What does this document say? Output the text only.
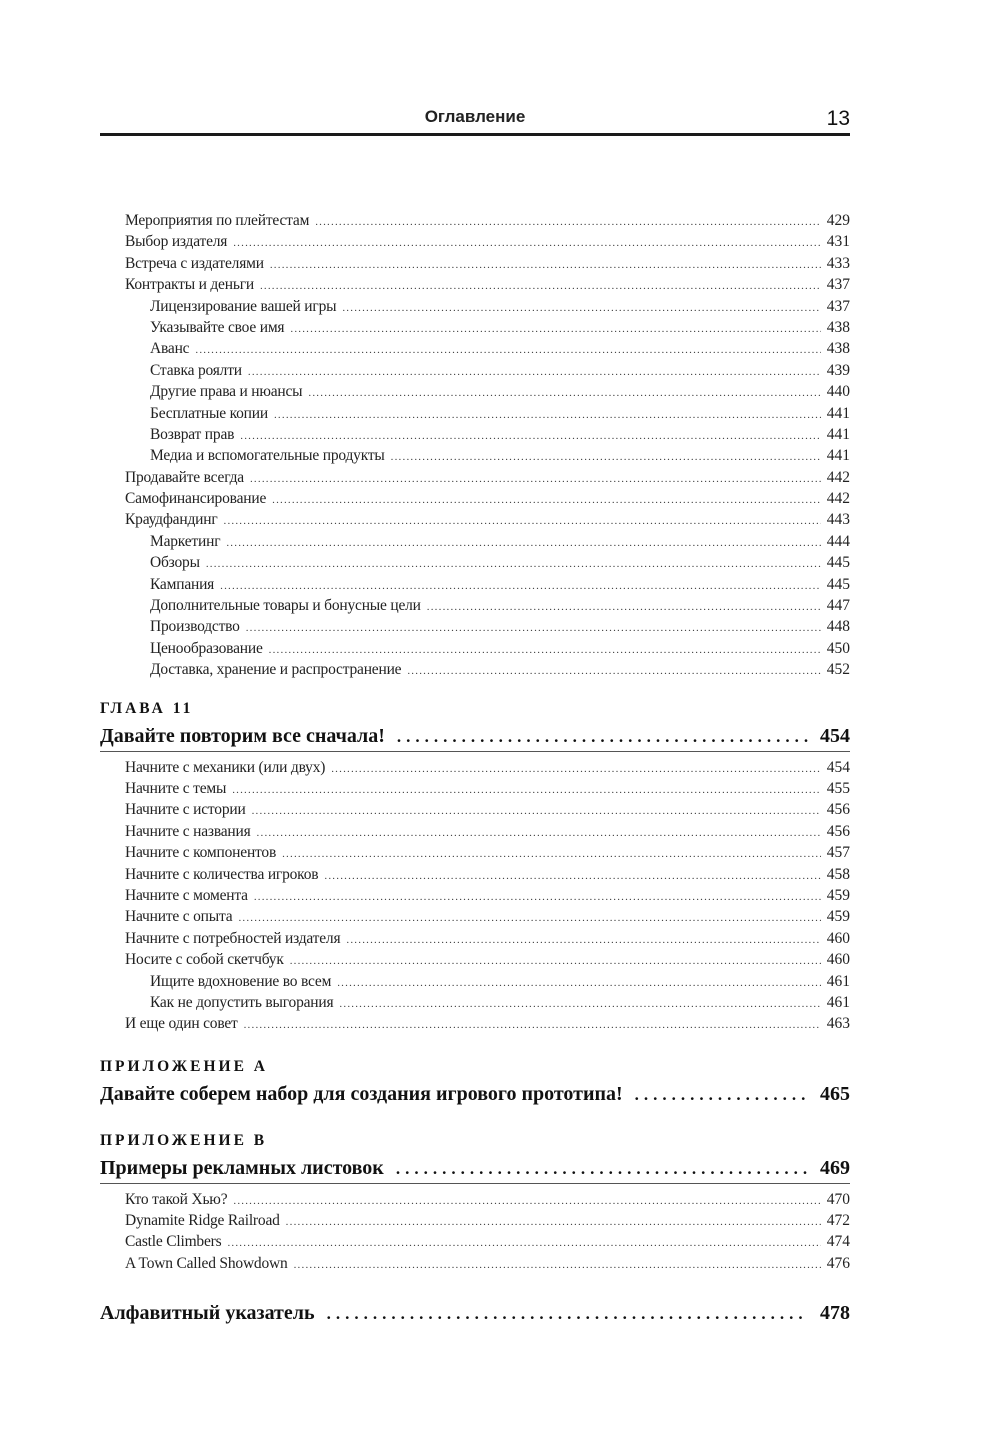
Оглавление	13
Мероприятия по плейтестам .....	429
Выбор издателя .....	431
Встреча с издателями .....	433
Контракты и деньги .....	437
Лицензирование вашей игры .....	437
Указывайте свое имя .....	438
Аванс .....	438
Ставка роялти .....	439
Другие права и нюансы .....	440
Бесплатные копии .....	441
Возврат прав .....	441
Медиа и вспомогательные продукты .....	441
Продавайте всегда .....	442
Самофинансирование .....	442
Краудфандинг .....	443
Маркетинг .....	444
Обзоры .....	445
Кампания .....	445
Дополнительные товары и бонусные цели .....	447
Производство .....	448
Ценообразование .....	450
Доставка, хранение и распространение .....	452
ГЛАВА 11
Давайте повторим все сначала! .....	454
Начните с механики (или двух) .....	454
Начните с темы .....	455
Начните с истории .....	456
Начните с названия .....	456
Начните с компонентов .....	457
Начните с количества игроков .....	458
Начните с момента .....	459
Начните с опыта .....	459
Начните с потребностей издателя .....	460
Носите с собой скетчбук .....	460
Ищите вдохновение во всем .....	461
Как не допустить выгорания .....	461
И еще один совет .....	463
ПРИЛОЖЕНИЕ А
Давайте соберем набор для создания игрового прототипа! .....	465
ПРИЛОЖЕНИЕ В
Примеры рекламных листовок .....	469
Кто такой Хью? .....	470
Dynamite Ridge Railroad .....	472
Castle Climbers .....	474
A Town Called Showdown .....	476
Алфавитный указатель .....	478
